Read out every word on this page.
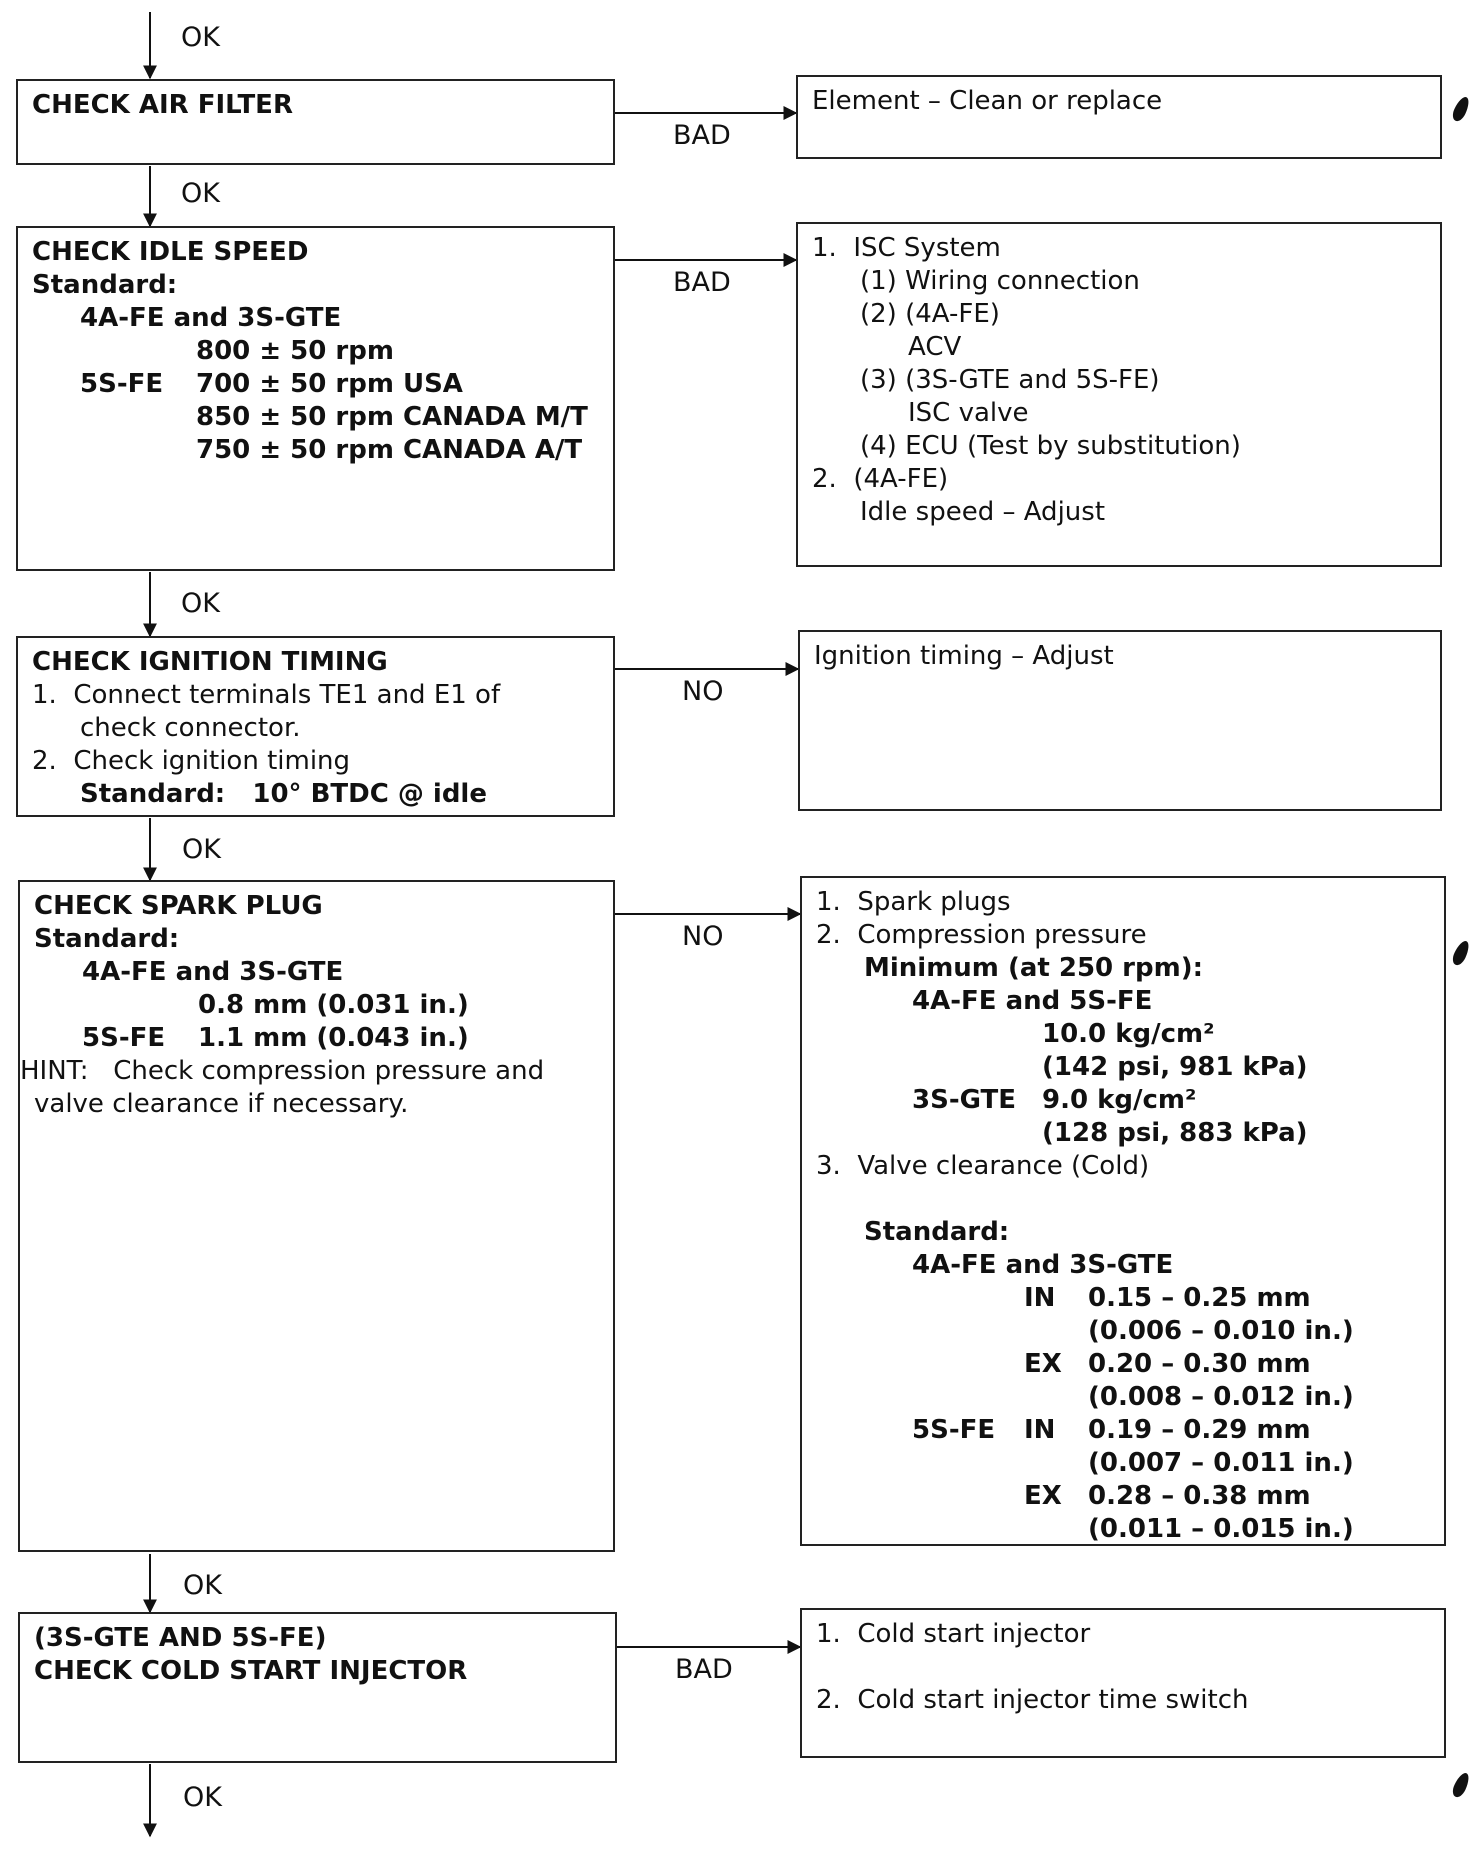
OK
OK
OK
OK
OK
OK
BAD
BAD
NO
NO
BAD
CHECK AIR FILTER	Element – Clean or replace
CHECK IDLE SPEED
Standard:
4A-FE and 3S-GTE
800 ± 50 rpm
5S-FE 700 ± 50 rpm USA
850 ± 50 rpm CANADA M/T
750 ± 50 rpm CANADA A/T
1.  ISC System
(1) Wiring connection
(2) (4A-FE)
ACV
(3) (3S-GTE and 5S-FE)
ISC valve
(4) ECU (Test by substitution)
2.  (4A-FE)
Idle speed – Adjust
CHECK IGNITION TIMING
1.  Connect terminals TE1 and E1 of
check connector.
2.  Check ignition timing
Standard:   10° BTDC @ idle
Ignition timing – Adjust
CHECK SPARK PLUG
Standard:
4A-FE and 3S-GTE
0.8 mm (0.031 in.)
5S-FE 1.1 mm (0.043 in.)
HINT:   Check compression pressure and
valve clearance if necessary.
1.  Spark plugs
2.  Compression pressure
Minimum (at 250 rpm):
4A-FE and 5S-FE
10.0 kg/cm²
(142 psi, 981 kPa)
3S-GTE 9.0 kg/cm²
(128 psi, 883 kPa)
3.  Valve clearance (Cold)

Standard:
4A-FE and 3S-GTE
IN 0.15 – 0.25 mm
(0.006 – 0.010 in.)
EX 0.20 – 0.30 mm
(0.008 – 0.012 in.)
5S-FE IN 0.19 – 0.29 mm
(0.007 – 0.011 in.)
EX 0.28 – 0.38 mm
(0.011 – 0.015 in.)
(3S-GTE AND 5S-FE)
CHECK COLD START INJECTOR
1.  Cold start injector

2.  Cold start injector time switch
